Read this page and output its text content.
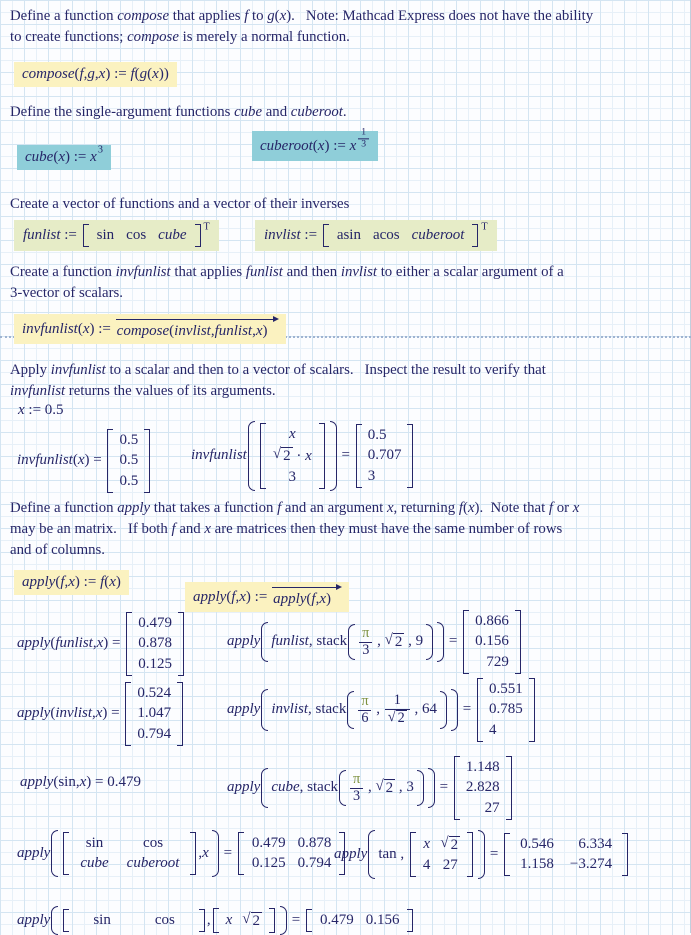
Define a function compose that applies f to g(x).   Note: Mathcad Express does not have the ability
to create functions; compose is merely a normal function.
compose ( f , g , x ) := f ( g ( x ) )
Define the single-argument functions cube and cuberoot.
cube ( x ) := x 3	cuberoot ( x ) := x $\frac{1}{3}$
Create a vector of functions and a vector of their inverses
funlist := sin	cos	cube T	invlist := asin	acos	cuberoot T
Create a function invfunlist that applies funlist and then invlist to either a scalar argument of a
3-vector of scalars.
invfunlist ( x ) := compose ( invlist , funlist , x )
Apply invfunlist to a scalar and then to a vector of scalars.   Inspect the result to verify that
invfunlist returns the values of its arguments.
x := 0.5
invfunlist ( x ) =
0.5
0.5
0.5
invfunlist
x

√ 2 · x

3
=
0.5
0.707
3
Define a function apply that takes a function f and an argument x, returning f(x).  Note that f or x
may be an matrix.   If both f and x are matrices then they must have the same number of rows
and of columns.
apply ( f , x ) := f ( x )
apply ( f , x ) := apply ( f , x )
apply ( funlist , x ) =
0.479
0.878
0.125
apply funlist , stack $\frac{\pi}{3}$ , √ 2 , 9 =
0.866
0.156
729
apply ( invlist , x ) =
0.524
1.047
0.794
apply invlist , stack $\frac{\pi}{6}$ , $\frac{1}{√ 2}$ , 64 =
0.551
0.785
4
apply ( sin , x ) = 0.479	apply cube , stack $\frac{\pi}{3}$ , √ 2 , 3 =
1.148
2.828
27
apply
sin	cos
cube	cuberoot
, x =
0.479	0.878
0.125	0.794
apply tan ,
x	√ 2

4	27
=
0.546	6.334
1.158	−3.274
apply	sin	cos , x	√ 2 = 0.479	0.156
